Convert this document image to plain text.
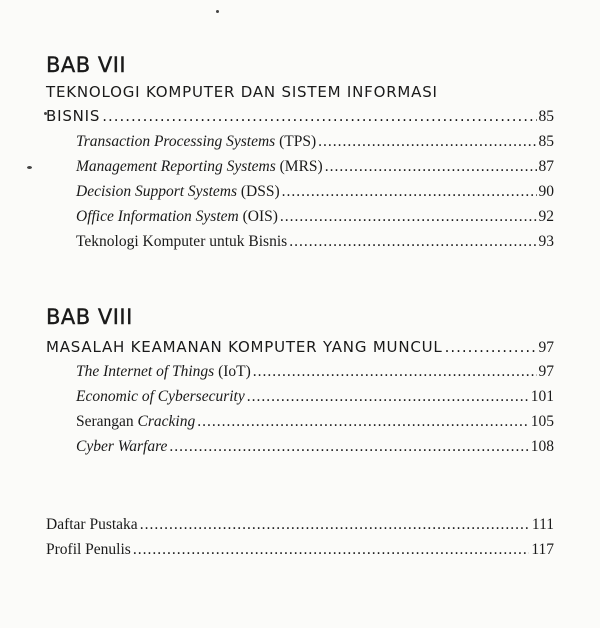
BAB VII
TEKNOLOGI KOMPUTER DAN SISTEM INFORMASI
BISNIS .....	85
Transaction Processing Systems (TPS) .....	85
Management Reporting Systems (MRS) .....	87
Decision Support Systems (DSS) .....	90
Office Information System (OIS) .....	92
Teknologi Komputer untuk Bisnis .....	93
BAB VIII
MASALAH KEAMANAN KOMPUTER YANG MUNCUL .....	97
The Internet of Things (IoT) .....	97
Economic of Cybersecurity .....	101
Serangan Cracking .....	105
Cyber Warfare .....	108
Daftar Pustaka .....	111
Profil Penulis .....	117
